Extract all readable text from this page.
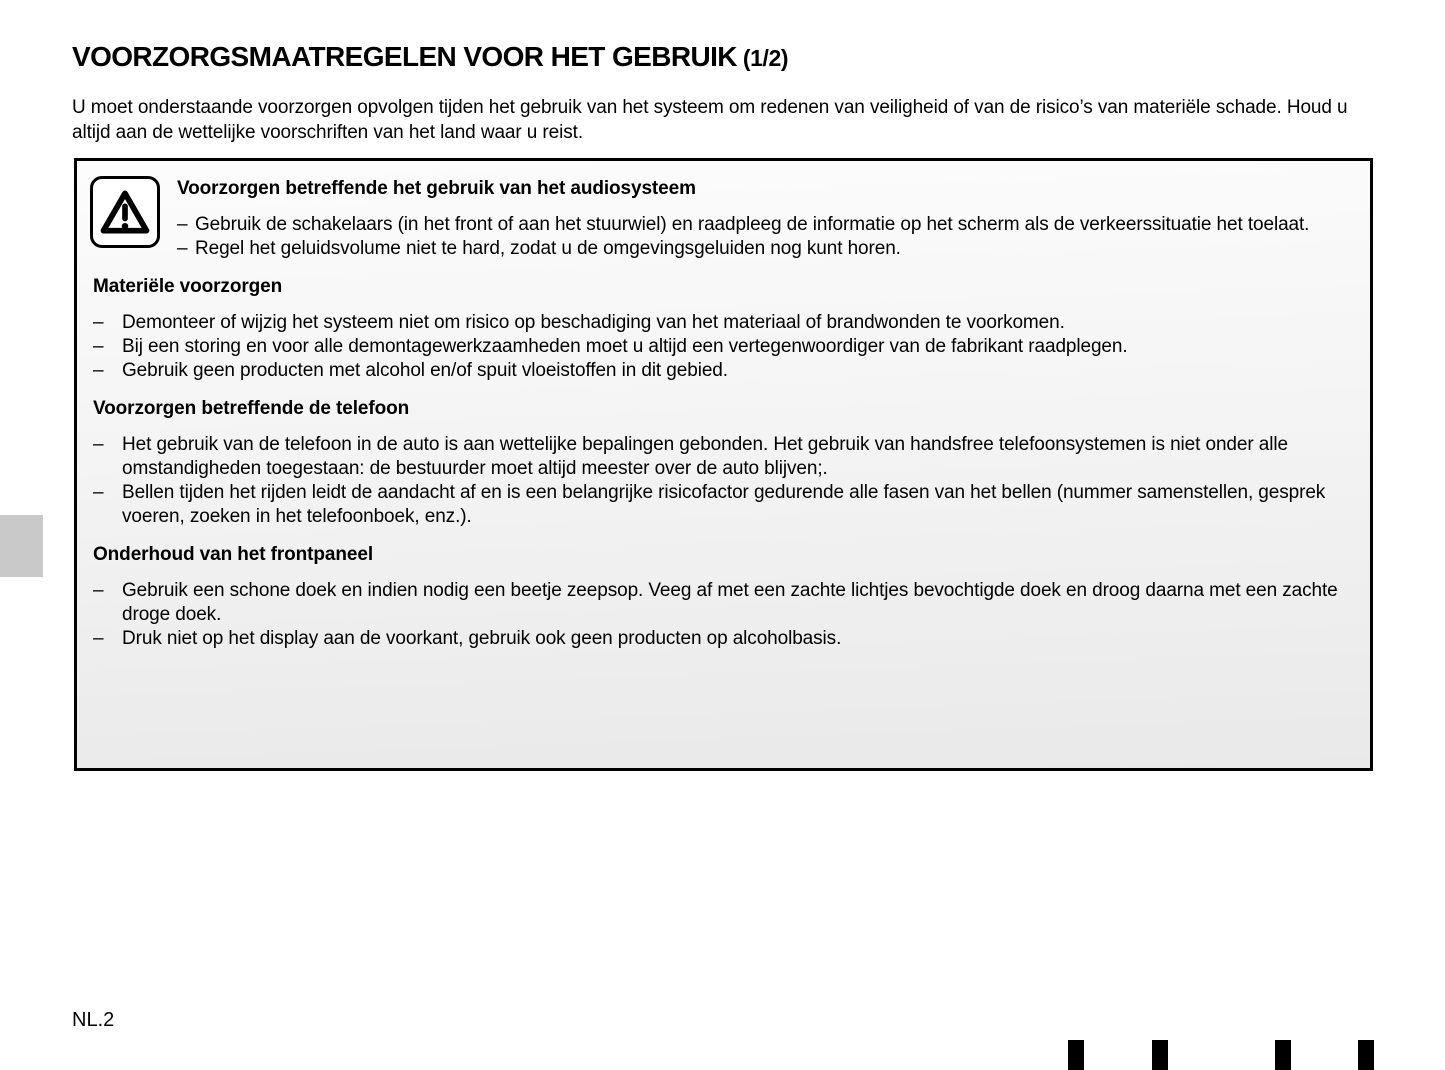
VOORZORGSMAATREGELEN VOOR HET GEBRUIK (1/2)

U moet onderstaande voorzorgen opvolgen tijden het gebruik van het systeem om redenen van veiligheid of van de risico’s van materiële schade. Houd u altijd aan de wettelijke voorschriften van het land waar u reist.

Voorzorgen betreffende het gebruik van het audiosysteem

– Gebruik de schakelaars (in het front of aan het stuurwiel) en raadpleeg de informatie op het scherm als de verkeerssituatie het toelaat.

– Regel het geluidsvolume niet te hard, zodat u de omgevingsgeluiden nog kunt horen.

Materiële voorzorgen

– Demonteer of wijzig het systeem niet om risico op beschadiging van het materiaal of brandwonden te voorkomen.

– Bij een storing en voor alle demontagewerkzaamheden moet u altijd een vertegenwoordiger van de fabrikant raadplegen.

– Gebruik geen producten met alcohol en/of spuit vloeistoffen in dit gebied.

Voorzorgen betreffende de telefoon

– Het gebruik van de telefoon in de auto is aan wettelijke bepalingen gebonden. Het gebruik van handsfree telefoonsystemen is niet onder alle omstandigheden toegestaan: de bestuurder moet altijd meester over de auto blijven;.

– Bellen tijden het rijden leidt de aandacht af en is een belangrijke risicofactor gedurende alle fasen van het bellen (nummer samenstellen, gesprek voeren, zoeken in het telefoonboek, enz.).

Onderhoud van het frontpaneel

– Gebruik een schone doek en indien nodig een beetje zeepsop. Veeg af met een zachte lichtjes bevochtigde doek en droog daarna met een zachte droge doek.

– Druk niet op het display aan de voorkant, gebruik ook geen producten op alcoholbasis.

NL.2
